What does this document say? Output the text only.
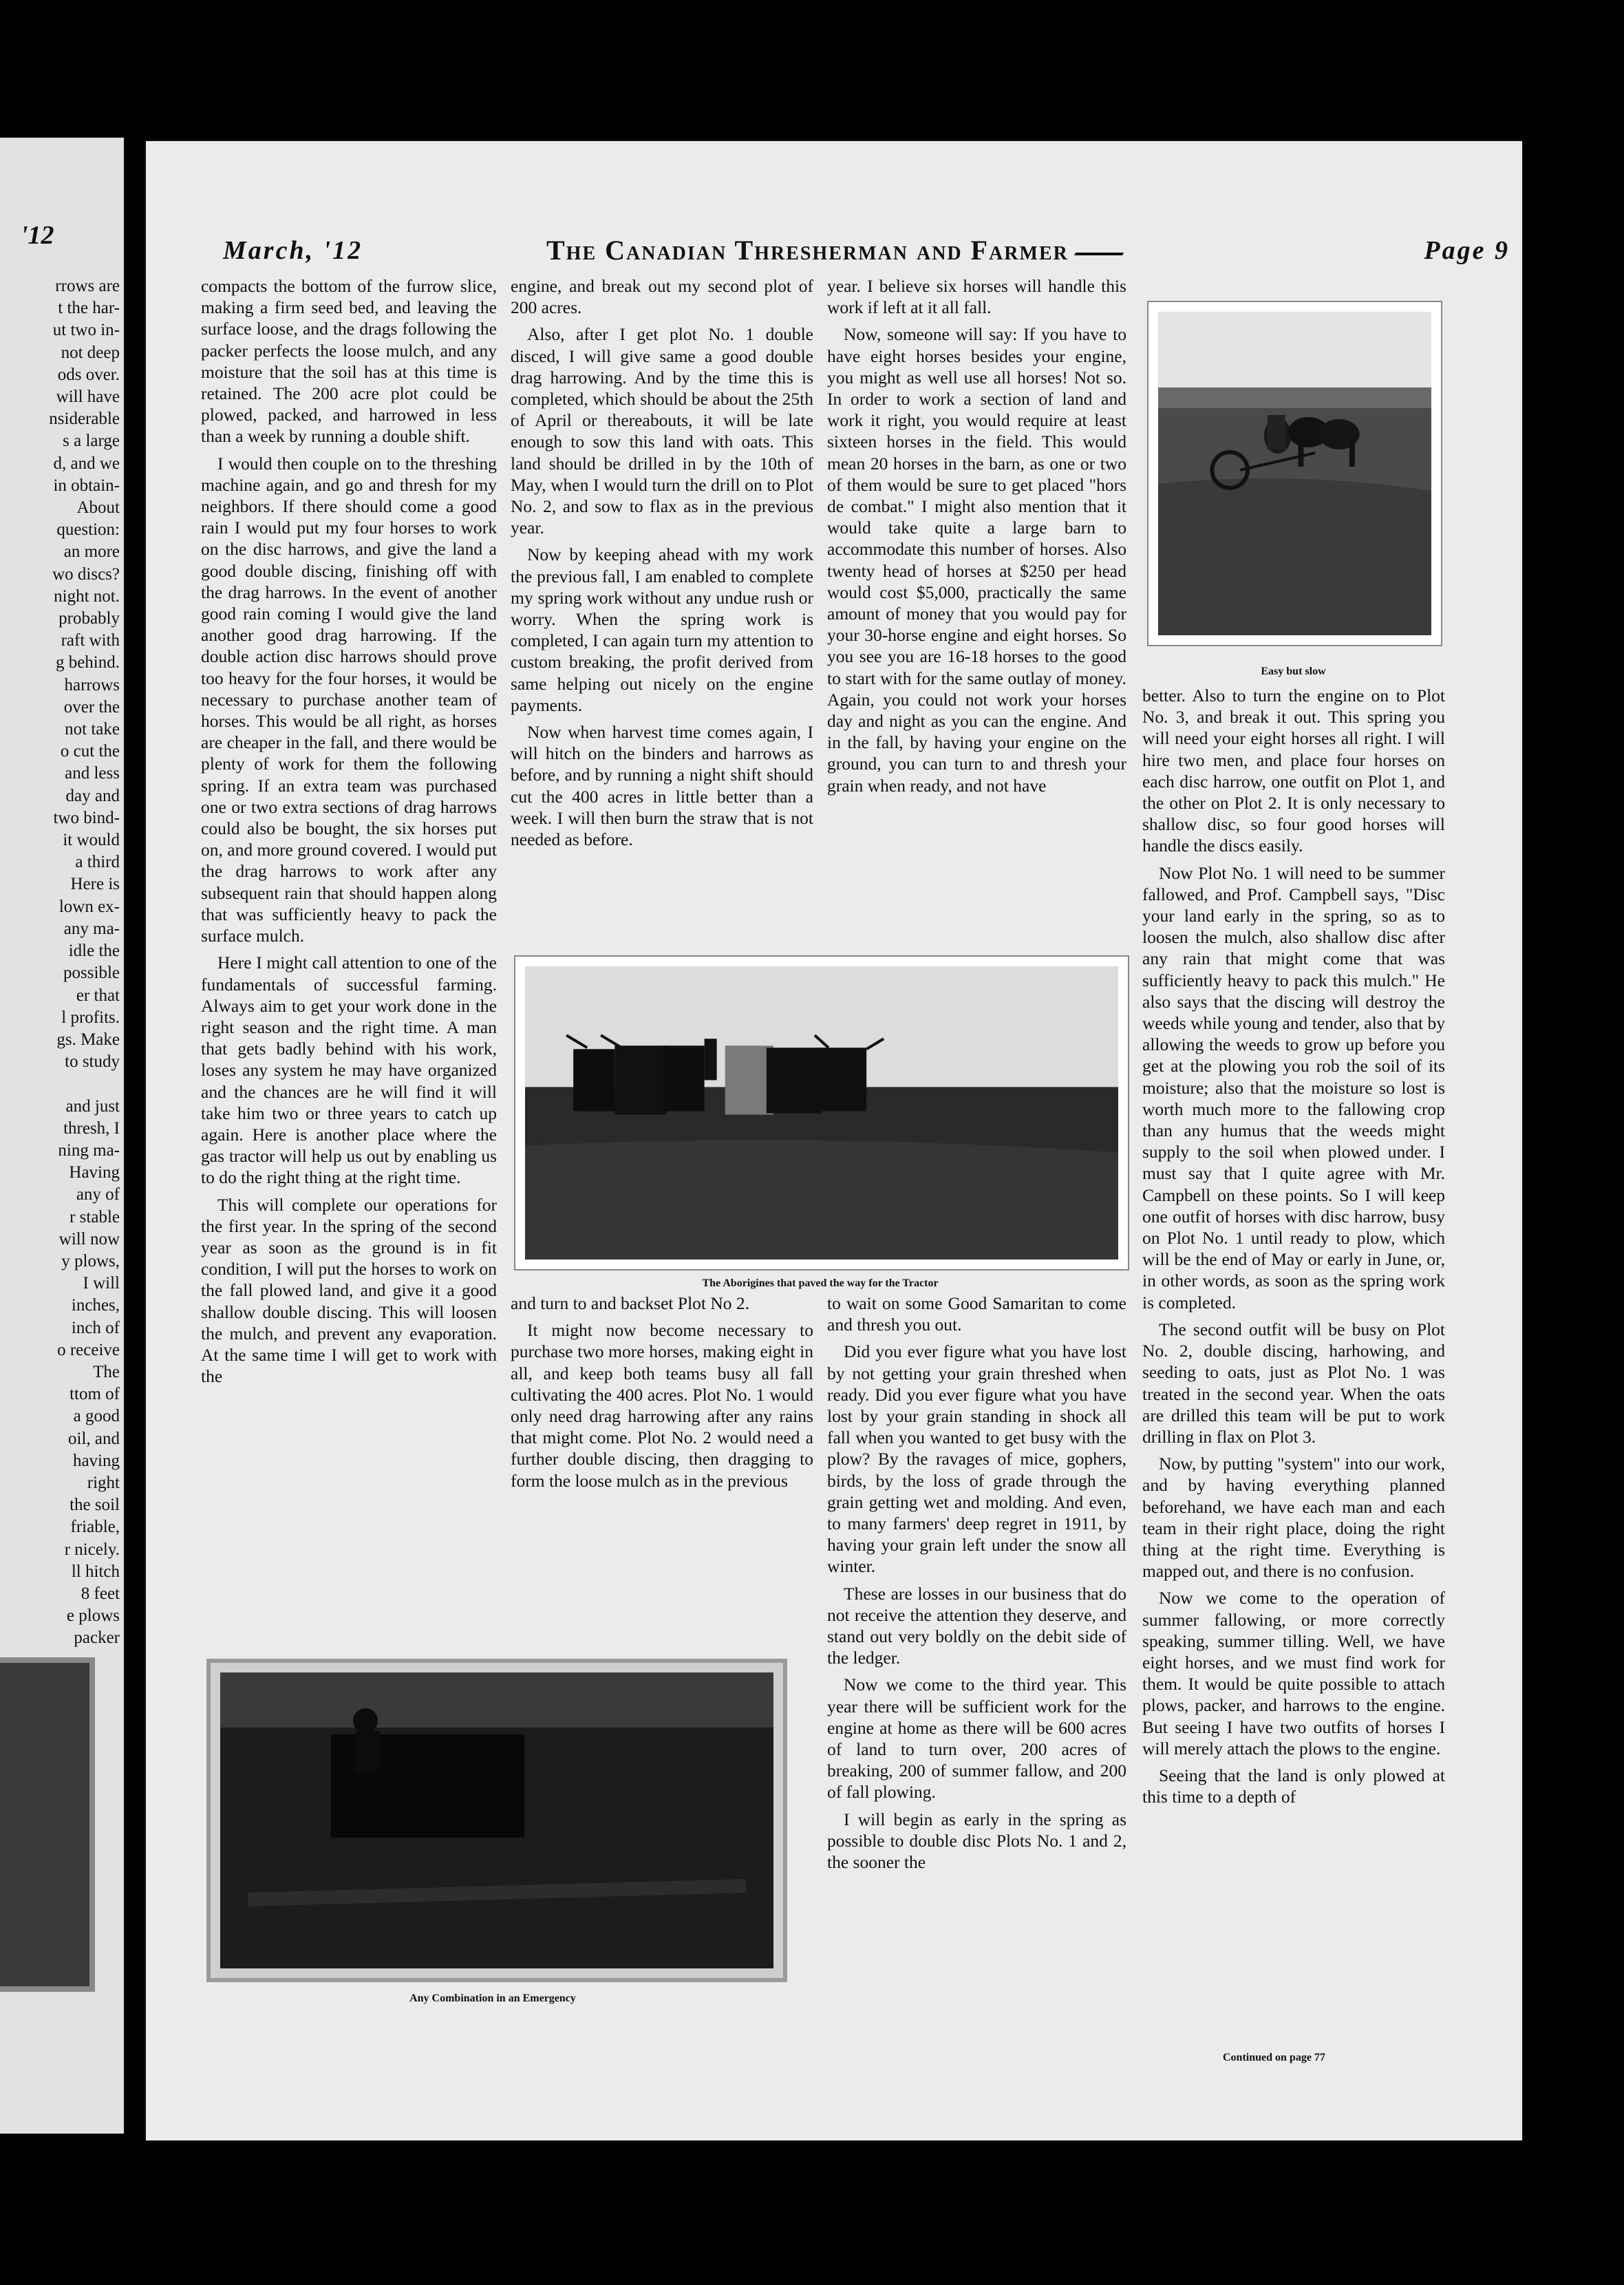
'12
rrows are
t the har-
ut two in-
not deep
ods over.
will have
nsiderable
s a large
d, and we
in obtain-
About
question:
an more
wo discs?
night not.
probably
raft with
g behind.
harrows
over the
not take
o cut the
and less
day and
two bind-
it would
a third
Here is
lown ex-
any ma-
idle the
possible
er that
l profits.
gs. Make
to study

and just
thresh, I
ning ma-
Having
any of
r stable
will now
y plows,
I will
inches,
inch of
o receive
The
ttom of
a good
oil, and
having
right
the soil
friable,
r nicely.
ll hitch
8 feet
e plows
packer
March, '12	The Canadian Thresherman and Farmer	Page 9

compacts the bottom of the furrow slice, making a firm seed bed, and leaving the surface loose, and the drags following the packer perfects the loose mulch, and any moisture that the soil has at this time is retained. The 200 acre plot could be plowed, packed, and harrowed in less than a week by running a double shift.

I would then couple on to the threshing machine again, and go and thresh for my neighbors. If there should come a good rain I would put my four horses to work on the disc harrows, and give the land a good double discing, finishing off with the drag harrows. In the event of another good rain coming I would give the land another good drag harrowing. If the double action disc harrows should prove too heavy for the four horses, it would be necessary to purchase another team of horses. This would be all right, as horses are cheaper in the fall, and there would be plenty of work for them the following spring. If an extra team was purchased one or two extra sections of drag harrows could also be bought, the six horses put on, and more ground covered. I would put the drag harrows to work after any subsequent rain that should happen along that was sufficiently heavy to pack the surface mulch.

Here I might call attention to one of the fundamentals of successful farming. Always aim to get your work done in the right season and the right time. A man that gets badly behind with his work, loses any system he may have organized and the chances are he will find it will take him two or three years to catch up again. Here is another place where the gas tractor will help us out by enabling us to do the right thing at the right time.

This will complete our operations for the first year. In the spring of the second year as soon as the ground is in fit condition, I will put the horses to work on the fall plowed land, and give it a good shallow double discing. This will loosen the mulch, and prevent any evaporation. At the same time I will get to work with the

engine, and break out my second plot of 200 acres.

Also, after I get plot No. 1 double disced, I will give same a good double drag harrowing. And by the time this is completed, which should be about the 25th of April or thereabouts, it will be late enough to sow this land with oats. This land should be drilled in by the 10th of May, when I would turn the drill on to Plot No. 2, and sow to flax as in the previous year.

Now by keeping ahead with my work the previous fall, I am enabled to complete my spring work without any undue rush or worry. When the spring work is completed, I can again turn my attention to custom breaking, the profit derived from same helping out nicely on the engine payments.

Now when harvest time comes again, I will hitch on the binders and harrows as before, and by running a night shift should cut the 400 acres in little better than a week. I will then burn the straw that is not needed as before.

year. I believe six horses will handle this work if left at it all fall.

Now, someone will say: If you have to have eight horses besides your engine, you might as well use all horses! Not so. In order to work a section of land and work it right, you would require at least sixteen horses in the field. This would mean 20 horses in the barn, as one or two of them would be sure to get placed "hors de combat." I might also mention that it would take quite a large barn to accommodate this number of horses. Also twenty head of horses at $250 per head would cost $5,000, practically the same amount of money that you would pay for your 30-horse engine and eight horses. So you see you are 16-18 horses to the good to start with for the same outlay of money. Again, you could not work your horses day and night as you can the engine. And in the fall, by having your engine on the ground, you can turn to and thresh your grain when ready, and not have

Easy but slow

better. Also to turn the engine on to Plot No. 3, and break it out. This spring you will need your eight horses all right. I will hire two men, and place four horses on each disc harrow, one outfit on Plot 1, and the other on Plot 2. It is only necessary to shallow disc, so four good horses will handle the discs easily.

Now Plot No. 1 will need to be summer fallowed, and Prof. Campbell says, "Disc your land early in the spring, so as to loosen the mulch, also shallow disc after any rain that might come that was sufficiently heavy to pack this mulch." He also says that the discing will destroy the weeds while young and tender, also that by allowing the weeds to grow up before you get at the plowing you rob the soil of its moisture; also that the moisture so lost is worth much more to the fallowing crop than any humus that the weeds might supply to the soil when plowed under. I must say that I quite agree with Mr. Campbell on these points. So I will keep one outfit of horses with disc harrow, busy on Plot No. 1 until ready to plow, which will be the end of May or early in June, or, in other words, as soon as the spring work is completed.

The second outfit will be busy on Plot No. 2, double discing, harhowing, and seeding to oats, just as Plot No. 1 was treated in the second year. When the oats are drilled this team will be put to work drilling in flax on Plot 3.

Now, by putting "system" into our work, and by having everything planned beforehand, we have each man and each team in their right place, doing the right thing at the right time. Everything is mapped out, and there is no confusion.

Now we come to the operation of summer fallowing, or more correctly speaking, summer tilling. Well, we have eight horses, and we must find work for them. It would be quite possible to attach plows, packer, and harrows to the engine. But seeing I have two outfits of horses I will merely attach the plows to the engine.

Seeing that the land is only plowed at this time to a depth of

The Aborigines that paved the way for the Tractor

and turn to and backset Plot No 2.

It might now become necessary to purchase two more horses, making eight in all, and keep both teams busy all fall cultivating the 400 acres. Plot No. 1 would only need drag harrowing after any rains that might come. Plot No. 2 would need a further double discing, then dragging to form the loose mulch as in the previous

to wait on some Good Samaritan to come and thresh you out.

Did you ever figure what you have lost by not getting your grain threshed when ready. Did you ever figure what you have lost by your grain standing in shock all fall when you wanted to get busy with the plow? By the ravages of mice, gophers, birds, by the loss of grade through the grain getting wet and molding. And even, to many farmers' deep regret in 1911, by having your grain left under the snow all winter.

These are losses in our business that do not receive the attention they deserve, and stand out very boldly on the debit side of the ledger.

Now we come to the third year. This year there will be sufficient work for the engine at home as there will be 600 acres of land to turn over, 200 acres of breaking, 200 of summer fallow, and 200 of fall plowing.

I will begin as early in the spring as possible to double disc Plots No. 1 and 2, the sooner the

Any Combination in an Emergency
Continued on page 77
